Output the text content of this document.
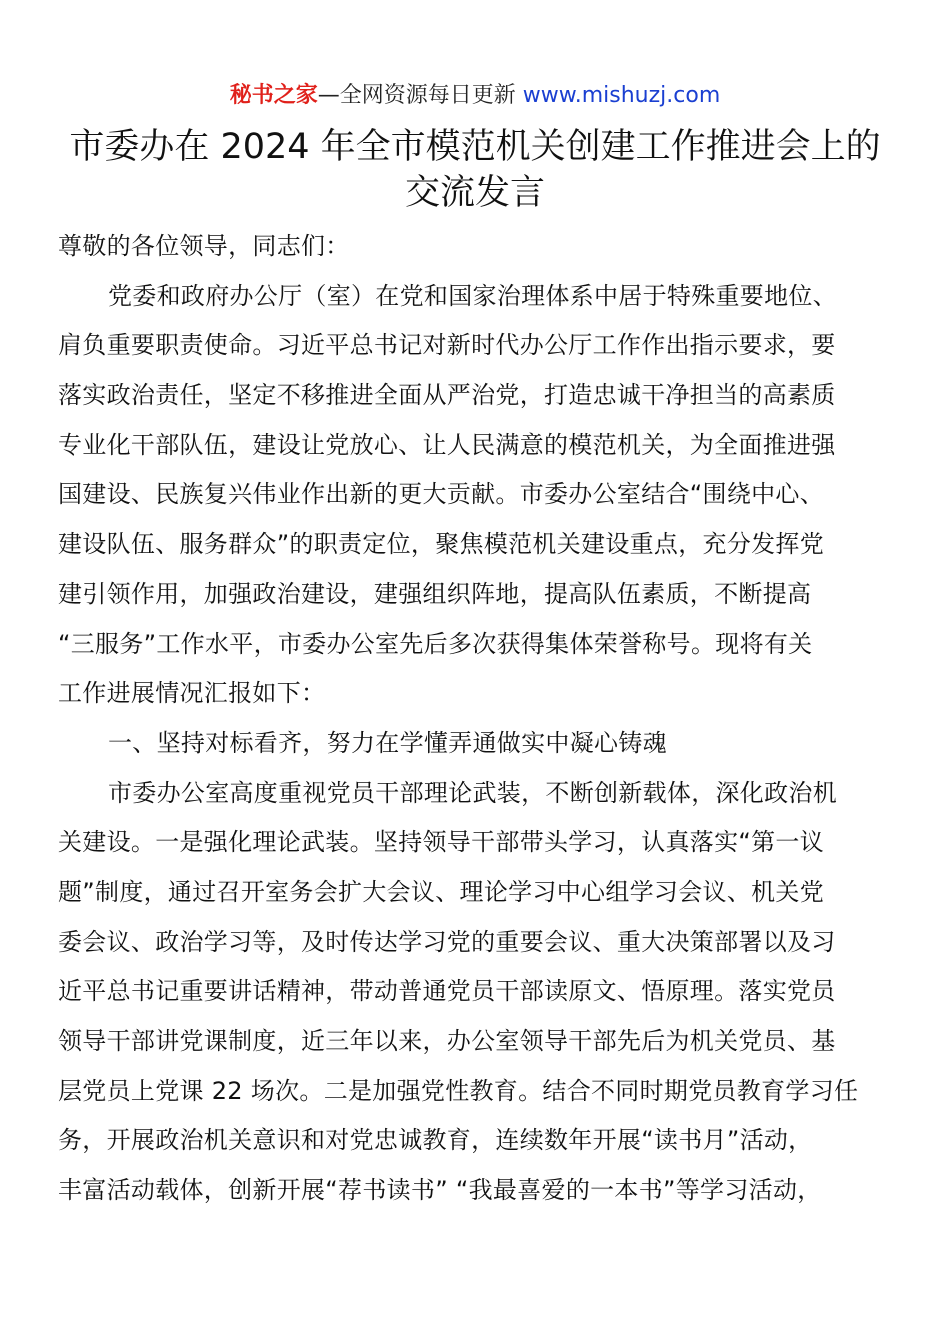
秘书之家—全网资源每日更新 www.mishuzj.com
市委办在 2024 年全市模范机关创建工作推进会上的
交流发言
尊敬的各位领导，同志们：
党委和政府办公厅（室）在党和国家治理体系中居于特殊重要地位、
肩负重要职责使命。习近平总书记对新时代办公厅工作作出指示要求，要
落实政治责任，坚定不移推进全面从严治党，打造忠诚干净担当的高素质
专业化干部队伍，建设让党放心、让人民满意的模范机关，为全面推进强
国建设、民族复兴伟业作出新的更大贡献。市委办公室结合“围绕中心、
建设队伍、服务群众”的职责定位，聚焦模范机关建设重点，充分发挥党
建引领作用，加强政治建设，建强组织阵地，提高队伍素质，不断提高
“三服务”工作水平，市委办公室先后多次获得集体荣誉称号。现将有关
工作进展情况汇报如下：
一、坚持对标看齐，努力在学懂弄通做实中凝心铸魂
市委办公室高度重视党员干部理论武装，不断创新载体，深化政治机
关建设。一是强化理论武装。坚持领导干部带头学习，认真落实“第一议
题”制度，通过召开室务会扩大会议、理论学习中心组学习会议、机关党
委会议、政治学习等，及时传达学习党的重要会议、重大决策部署以及习
近平总书记重要讲话精神，带动普通党员干部读原文、悟原理。落实党员
领导干部讲党课制度，近三年以来，办公室领导干部先后为机关党员、基
层党员上党课 22 场次。二是加强党性教育。结合不同时期党员教育学习任
务，开展政治机关意识和对党忠诚教育，连续数年开展“读书月”活动，
丰富活动载体，创新开展“荐书读书” “我最喜爱的一本书”等学习活动，
